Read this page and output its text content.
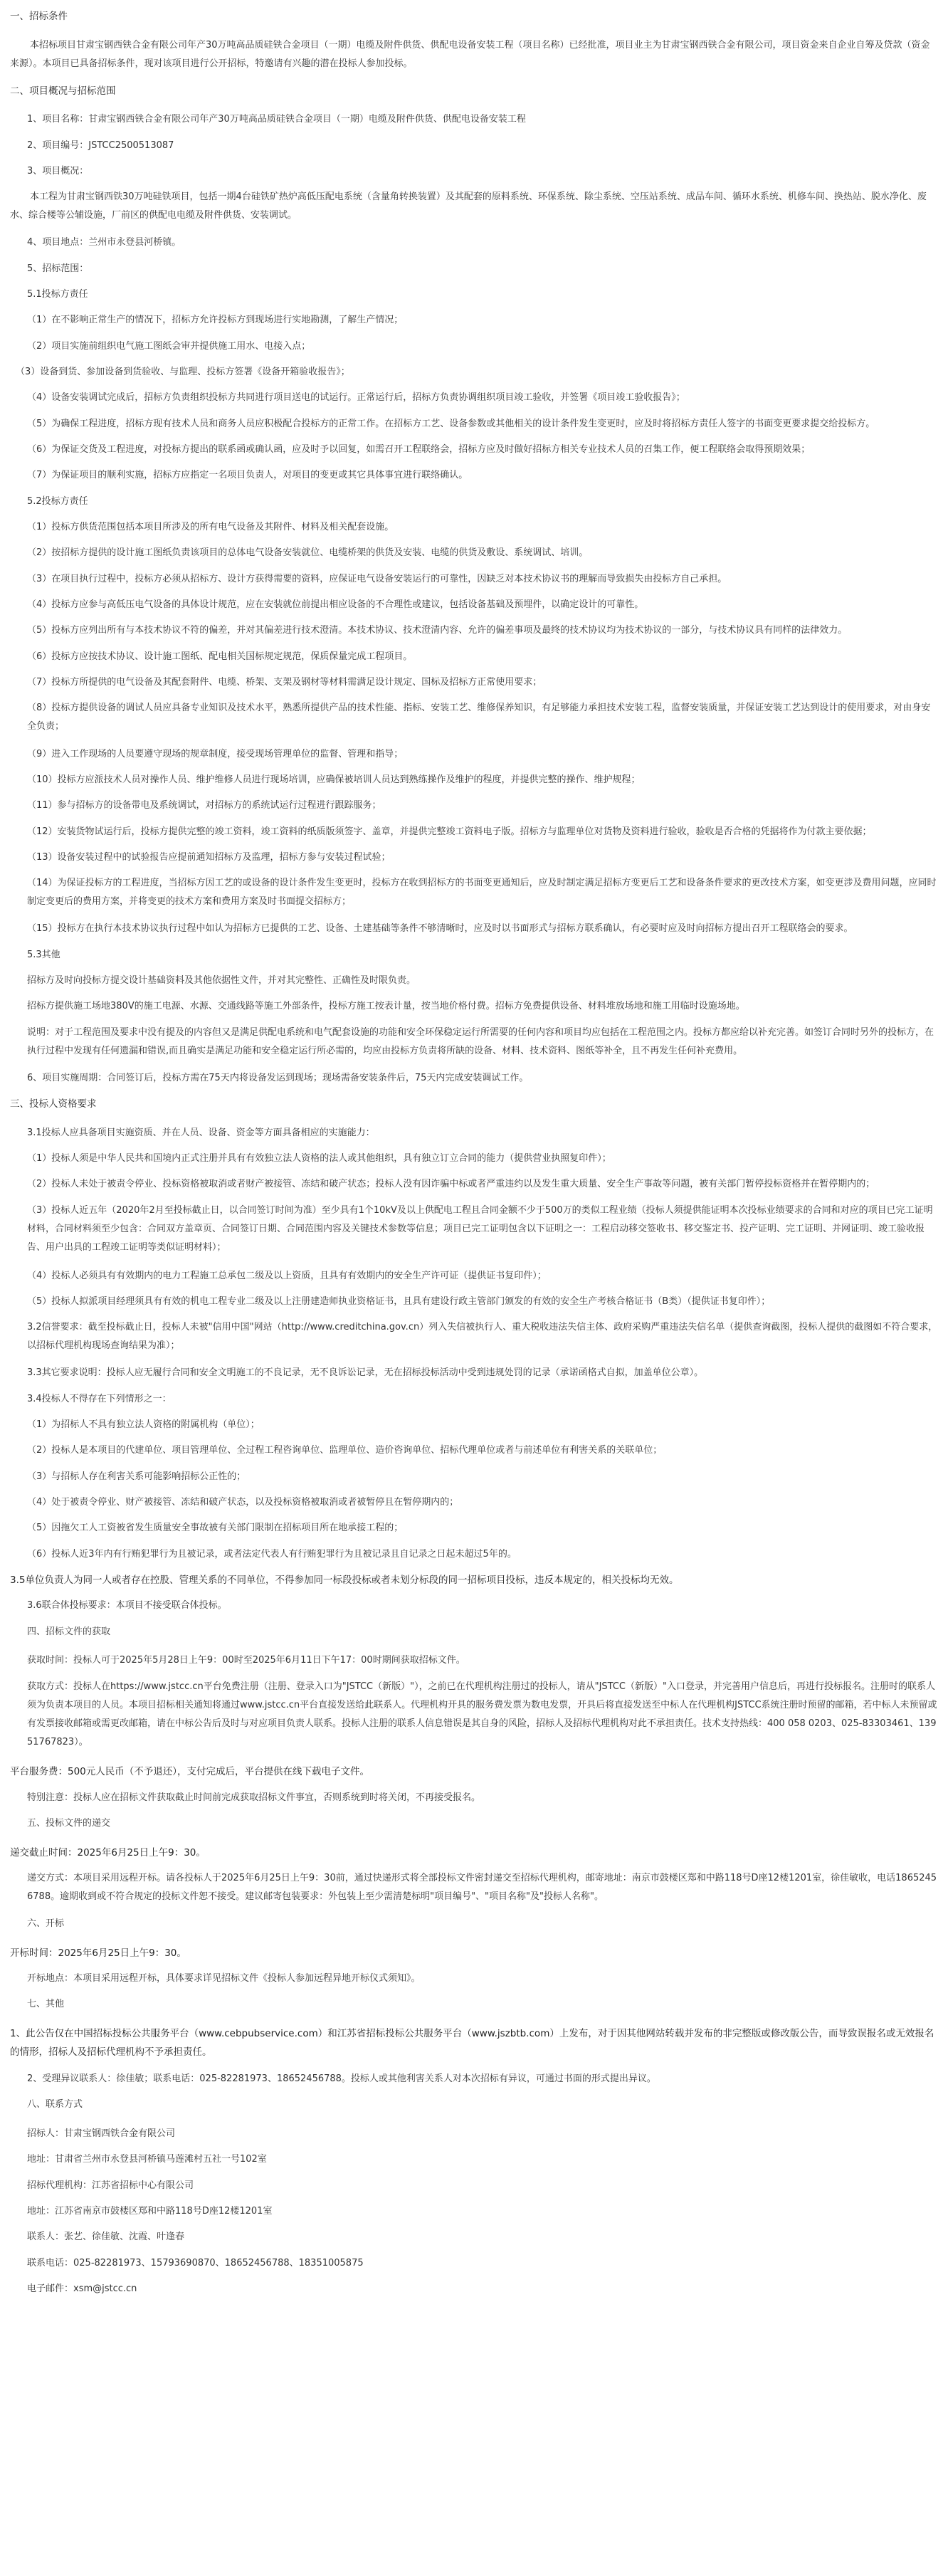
一、招标条件
本招标项目甘肃宝钢西铁合金有限公司年产30万吨高品质硅铁合金项目（一期）电缆及附件供货、供配电设备安装工程（项目名称）已经批准，项目业主为甘肃宝钢西铁合金有限公司，项目资金来自企业自筹及贷款（资金来源）。本项目已具备招标条件，现对该项目进行公开招标，特邀请有兴趣的潜在投标人参加投标。
二、项目概况与招标范围
1、项目名称：甘肃宝钢西铁合金有限公司年产30万吨高品质硅铁合金项目（一期）电缆及附件供货、供配电设备安装工程
2、项目编号：JSTCC2500513087
3、项目概况：
本工程为甘肃宝钢西铁30万吨硅铁项目，包括一期4台硅铁矿热炉高低压配电系统（含量角转换装置）及其配套的原料系统、环保系统、除尘系统、空压站系统、成品车间、循环水系统、机修车间、换热站、脱水净化、废水、综合楼等公辅设施，厂前区的供配电电缆及附件供货、安装调试。
4、项目地点：兰州市永登县河桥镇。
5、招标范围：
5.1投标方责任
（1）在不影响正常生产的情况下，招标方允许投标方到现场进行实地勘测，了解生产情况；
（2）项目实施前组织电气施工图纸会审并提供施工用水、电接入点；
（3）设备到货、参加设备到货验收、与监理、投标方签署《设备开箱验收报告》；
（4）设备安装调试完成后，招标方负责组织投标方共同进行项目送电的试运行。正常运行后，招标方负责协调组织项目竣工验收，并签署《项目竣工验收报告》；
（5）为确保工程进度，招标方现有技术人员和商务人员应积极配合投标方的正常工作。在招标方工艺、设备参数或其他相关的设计条件发生变更时，应及时将招标方责任人签字的书面变更要求提交给投标方。
（6）为保证交货及工程进度，对投标方提出的联系函或确认函，应及时予以回复，如需召开工程联络会，招标方应及时做好招标方相关专业技术人员的召集工作，便工程联络会取得预期效果；
（7）为保证项目的顺利实施，招标方应指定一名项目负责人，对项目的变更或其它具体事宜进行联络确认。
5.2投标方责任
（1）投标方供货范围包括本项目所涉及的所有电气设备及其附件、材料及相关配套设施。
（2）按招标方提供的设计施工图纸负责该项目的总体电气设备安装就位、电缆桥架的供货及安装、电缆的供货及敷设、系统调试、培训。
（3）在项目执行过程中，投标方必须从招标方、设计方获得需要的资料，应保证电气设备安装运行的可靠性，因缺乏对本技术协议书的理解而导致损失由投标方自己承担。
（4）投标方应参与高低压电气设备的具体设计规范，应在安装就位前提出相应设备的不合理性或建议，包括设备基础及预埋件，以确定设计的可靠性。
（5）投标方应列出所有与本技术协议不符的偏差，并对其偏差进行技术澄清。本技术协议、技术澄清内容、允许的偏差事项及最终的技术协议均为技术协议的一部分，与技术协议具有同样的法律效力。
（6）投标方应按技术协议、设计施工图纸、配电相关国标规定规范，保质保量完成工程项目。
（7）投标方所提供的电气设备及其配套附件、电缆、桥架、支架及钢材等材料需满足设计规定、国标及招标方正常使用要求；
（8）投标方提供设备的调试人员应具备专业知识及技术水平，熟悉所提供产品的技术性能、指标、安装工艺、维修保养知识，有足够能力承担技术安装工程，监督安装质量，并保证安装工艺达到设计的使用要求，对由身安全负责；
（9）进入工作现场的人员要遵守现场的规章制度，接受现场管理单位的监督、管理和指导；
（10）投标方应派技术人员对操作人员、维护维修人员进行现场培训，应确保被培训人员达到熟练操作及维护的程度，并提供完整的操作、维护规程；
（11）参与招标方的设备带电及系统调试，对招标方的系统试运行过程进行跟踪服务；
（12）安装货物试运行后，投标方提供完整的竣工资料，竣工资料的纸质版须签字、盖章，并提供完整竣工资料电子版。招标方与监理单位对货物及资料进行验收，验收是否合格的凭据将作为付款主要依据；
（13）设备安装过程中的试验报告应提前通知招标方及监理，招标方参与安装过程试验；
（14）为保证投标方的工程进度，当招标方因工艺的或设备的设计条件发生变更时，投标方在收到招标方的书面变更通知后，应及时制定满足招标方变更后工艺和设备条件要求的更改技术方案，如变更涉及费用问题，应同时制定变更后的费用方案，并将变更的技术方案和费用方案及时书面提交招标方；
（15）投标方在执行本技术协议执行过程中如认为招标方已提供的工艺、设备、土建基础等条件不够清晰时，应及时以书面形式与招标方联系确认，有必要时应及时向招标方提出召开工程联络会的要求。
5.3其他
招标方及时向投标方提交设计基础资料及其他依据性文件，并对其完整性、正确性及时限负责。
招标方提供施工场地380V的施工电源、水源、交通线路等施工外部条件，投标方施工按表计量，按当地价格付费。招标方免费提供设备、材料堆放场地和施工用临时设施场地。
说明：对于工程范围及要求中没有提及的内容但又是满足供配电系统和电气配套设施的功能和安全环保稳定运行所需要的任何内容和项目均应包括在工程范围之内。投标方都应给以补充完善。如签订合同时另外的投标方，在执行过程中发现有任何遗漏和错误,而且确实是满足功能和安全稳定运行所必需的，均应由投标方负责将所缺的设备、材料、技术资料、图纸等补全，且不再发生任何补充费用。
6、项目实施周期：合同签订后，投标方需在75天内将设备发运到现场；现场需备安装条件后，75天内完成安装调试工作。
三、投标人资格要求
3.1投标人应具备项目实施资质、并在人员、设备、资金等方面具备相应的实施能力：
（1）投标人须是中华人民共和国境内正式注册并具有有效独立法人资格的法人或其他组织，具有独立订立合同的能力（提供营业执照复印件）；
（2）投标人未处于被责令停业、投标资格被取消或者财产被接管、冻结和破产状态；投标人没有因诈骗中标或者严重违约以及发生重大质量、安全生产事故等问题，被有关部门暂停投标资格并在暂停期内的；
（3）投标人近五年（2020年2月至投标截止日，以合同签订时间为准）至少具有1个10kV及以上供配电工程且合同金额不少于500万的类似工程业绩（投标人须提供能证明本次投标业绩要求的合同和对应的项目已完工证明材料，合同材料须至少包含：合同双方盖章页、合同签订日期、合同范围内容及关键技术参数等信息；项目已完工证明包含以下证明之一：工程启动移交签收书、移交鉴定书、投产证明、完工证明、并网证明、竣工验收报告、用户出具的工程竣工证明等类似证明材料）；
（4）投标人必须具有有效期内的电力工程施工总承包二级及以上资质，且具有有效期内的安全生产许可证（提供证书复印件）；
（5）投标人拟派项目经理须具有有效的机电工程专业二级及以上注册建造师执业资格证书，且具有建设行政主管部门颁发的有效的安全生产考核合格证书（B类）（提供证书复印件）；
3.2信誉要求：截至投标截止日，投标人未被"信用中国"网站（http://www.creditchina.gov.cn）列入失信被执行人、重大税收违法失信主体、政府采购严重违法失信名单（提供查询截图，投标人提供的截图如不符合要求，以招标代理机构现场查询结果为准）；
3.3其它要求说明：投标人应无履行合同和安全文明施工的不良记录，无不良诉讼记录，无在招标投标活动中受到违规处罚的记录（承诺函格式自拟，加盖单位公章）。
3.4投标人不得存在下列情形之一：
（1）为招标人不具有独立法人资格的附属机构（单位）；
（2）投标人是本项目的代建单位、项目管理单位、全过程工程咨询单位、监理单位、造价咨询单位、招标代理单位或者与前述单位有利害关系的关联单位；
（3）与招标人存在利害关系可能影响招标公正性的；
（4）处于被责令停业、财产被接管、冻结和破产状态，以及投标资格被取消或者被暂停且在暂停期内的；
（5）因拖欠工人工资被省发生质量安全事故被有关部门限制在招标项目所在地承接工程的；
（6）投标人近3年内有行贿犯罪行为且被记录，或者法定代表人有行贿犯罪行为且被记录且自记录之日起未超过5年的。
3.5单位负责人为同一人或者存在控股、管理关系的不同单位，不得参加同一标段投标或者未划分标段的同一招标项目投标，违反本规定的，相关投标均无效。
3.6联合体投标要求：本项目不接受联合体投标。
四、招标文件的获取
获取时间：投标人可于2025年5月28日上午9：00时至2025年6月11日下午17：00时期间获取招标文件。
获取方式：投标人在https://www.jstcc.cn平台免费注册（注册、登录入口为"JSTCC（新版）"），之前已在代理机构注册过的投标人，请从"JSTCC（新版）"入口登录，并完善用户信息后，再进行投标报名。注册时的联系人须为负责本项目的人员。本项目招标相关通知将通过www.jstcc.cn平台直接发送给此联系人。代理机构开具的服务费发票为数电发票，开具后将直接发送至中标人在代理机构JSTCC系统注册时预留的邮箱，若中标人未预留或有发票接收邮箱或需更改邮箱，请在中标公告后及时与对应项目负责人联系。投标人注册的联系人信息错误是其自身的风险，招标人及招标代理机构对此不承担责任。技术支持热线：400 058 0203、025-83303461、13951767823）。
平台服务费：500元人民币（不予退还），支付完成后，平台提供在线下载电子文件。
特别注意：投标人应在招标文件获取截止时间前完成获取招标文件事宜，否则系统到时将关闭，不再接受报名。
五、投标文件的递交
递交截止时间：2025年6月25日上午9：30。
递交方式：本项目采用远程开标。请各投标人于2025年6月25日上午9：30前，通过快递形式将全部投标文件密封递交至招标代理机构，邮寄地址：南京市鼓楼区郑和中路118号D座12楼1201室，徐佳敏收，电话18652456788。逾期收到或不符合规定的投标文件恕不接受。建议邮寄包装要求：外包装上至少需清楚标明"项目编号"、"项目名称"及"投标人名称"。
六、开标
开标时间：2025年6月25日上午9：30。
开标地点：本项目采用远程开标，具体要求详见招标文件《投标人参加远程异地开标仪式须知》。
七、其他
1、此公告仅在中国招标投标公共服务平台（www.cebpubservice.com）和江苏省招标投标公共服务平台（www.jszbtb.com）上发布，对于因其他网站转载并发布的非完整版或修改版公告，而导致误报名或无效报名的情形，招标人及招标代理机构不予承担责任。
2、受理异议联系人：徐佳敏；联系电话：025-82281973、18652456788。投标人或其他利害关系人对本次招标有异议，可通过书面的形式提出异议。
八、联系方式
招标人：甘肃宝钢西铁合金有限公司
地址：甘肃省兰州市永登县河桥镇马莲滩村五社一号102室
招标代理机构：江苏省招标中心有限公司
地址：江苏省南京市鼓楼区郑和中路118号D座12楼1201室
联系人：张艺、徐佳敏、沈霞、叶逢春
联系电话：025-82281973、15793690870、18652456788、18351005875
电子邮件：xsm@jstcc.cn
